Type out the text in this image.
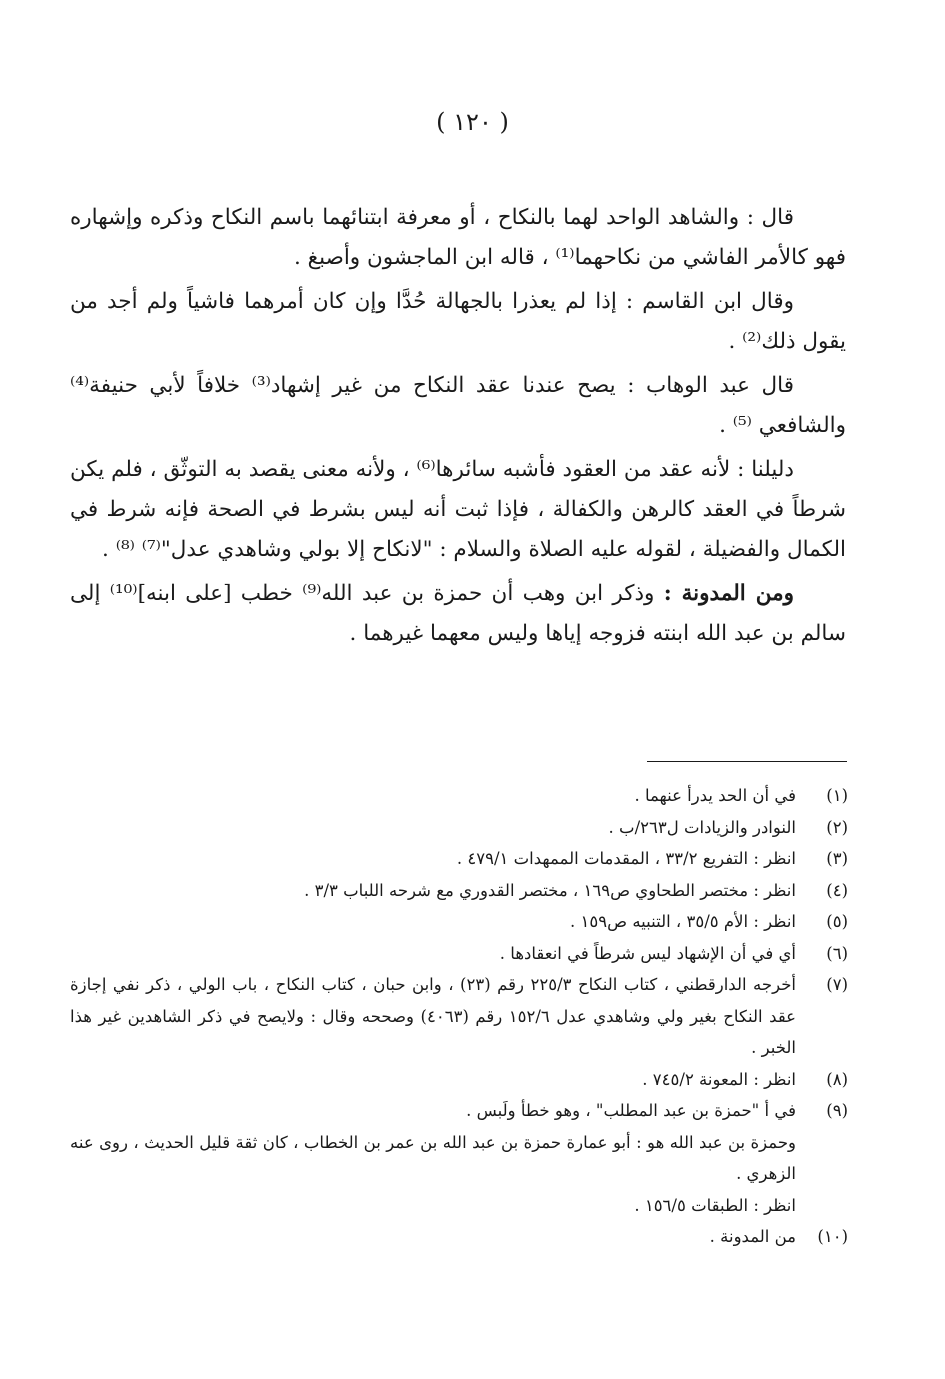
( ١٢٠ )

قال : والشاهد الواحد لهما بالنكاح ، أو معرفة ابتنائهما باسم النكاح وذكره وإشهاره فهو كالأمر الفاشي من نكاحهما⁽¹⁾ ، قاله ابن الماجشون وأصبغ .

وقال ابن القاسم : إذا لم يعذرا بالجهالة حُدَّا وإن كان أمرهما فاشياً ولم أجد من يقول ذلك⁽²⁾ .

قال عبد الوهاب : يصح عندنا عقد النكاح من غير إشهاد⁽³⁾ خلافاً لأبي حنيفة⁽⁴⁾ والشافعي ⁽⁵⁾ .

دليلنا : لأنه عقد من العقود فأشبه سائرها⁽⁶⁾ ، ولأنه معنى يقصد به التوثّق ، فلم يكن شرطاً في العقد كالرهن والكفالة ، فإذا ثبت أنه ليس بشرط في الصحة فإنه شرط في الكمال والفضيلة ، لقوله عليه الصلاة والسلام : "لانكاح إلا بولي وشاهدي عدل"⁽⁷⁾ ⁽⁸⁾ .

ومن المدونة : وذكر ابن وهب أن حمزة بن عبد الله⁽⁹⁾ خطب [على ابنه]⁽¹⁰⁾ إلى سالم بن عبد الله ابنته فزوجه إياها وليس معهما غيرهما .

(١)
في أن الحد يدرأ عنهما .
(٢)
النوادر والزيادات ل٢٦٣/ب .
(٣)
انظر : التفريع ٣٣/٢ ، المقدمات الممهدات ٤٧٩/١ .
(٤)
انظر : مختصر الطحاوي ص١٦٩ ، مختصر القدوري مع شرحه اللباب ٣/٣ .
(٥)
انظر : الأم ٣٥/٥ ، التنبيه ص١٥٩ .
(٦)
أي في أن الإشهاد ليس شرطاً في انعقادها .
(٧)
أخرجه الدارقطني ، كتاب النكاح ٢٢٥/٣ رقم (٢٣) ، وابن حبان ، كتاب النكاح ، باب الولي ، ذكر نفي إجازة عقد النكاح بغير ولي وشاهدي عدل ١٥٢/٦ رقم (٤٠٦٣) وصححه وقال : ولايصح في ذكر الشاهدين غير هذا الخبر .
(٨)
انظر : المعونة ٧٤٥/٢ .
(٩)
في أ "حمزة بن عبد المطلب" ، وهو خطأ ولَبس .
وحمزة بن عبد الله هو : أبو عمارة حمزة بن عبد الله بن عمر بن الخطاب ، كان ثقة قليل الحديث ، روى عنه الزهري .
انظر : الطبقات ١٥٦/٥ .
(١٠)
من المدونة .
